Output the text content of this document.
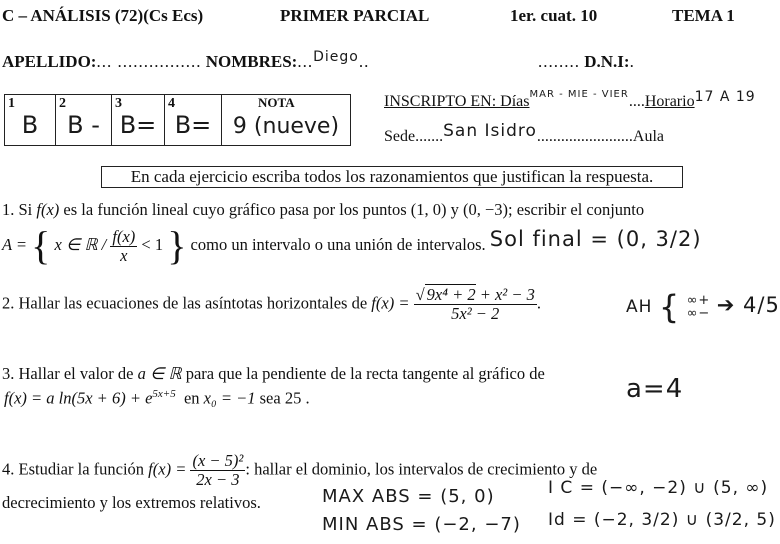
C – ANÁLISIS (72)(Cs Ecs)	PRIMER PARCIAL	1er. cuat. 10	TEMA 1
APELLIDO:... ................ NOMBRES:...$^{Diego}$..	........ D.N.I:.
1
B

2
B -

3
B=

4
B=

NOTA
9 (nueve)
INSCRIPTO EN: Días$^{MAR - MIE - VIER}$....Horario17 A 19
Sede.......San Isidro........................Aula
En cada ejercicio escriba todos los razonamientos que justifican la respuesta.
1. Si f(x) es la función lineal cuyo gráfico pasa por los puntos (1, 0) y (0, −3); escribir el conjunto
A = { x ∈ ℝ / $\frac{f(x)}{x} < 1$ } como un intervalo o una unión de intervalos. Sol final = (0, 3/2)
2. Hallar las ecuaciones de las asíntotas horizontales de $f(x) = \frac{\text{√ 9x⁴ + 2 + x² − 3}}{\text{5x² − 2}}$ .	AH { ∞+
∞− ➔ 4/5
3. Hallar el valor de a ∈ ℝ para que la pendiente de la recta tangente al gráfico de
f(x) = a $\ln(5x + 6) + e^{5x+5}$ en x₀ = −1 sea 25 .	a=4
4. Estudiar la función $f(x) = \frac{\text{(x − 5)²}}{2x - 3}$ : hallar el dominio, los intervalos de crecimiento y de
decrecimiento y los extremos relativos.	MAX ABS = (5, 0)
MIN ABS = (−2, −7)
I C = (−∞, −2) ∪ (5, ∞)
Id = (−2, 3/2) ∪ (3/2, 5)
